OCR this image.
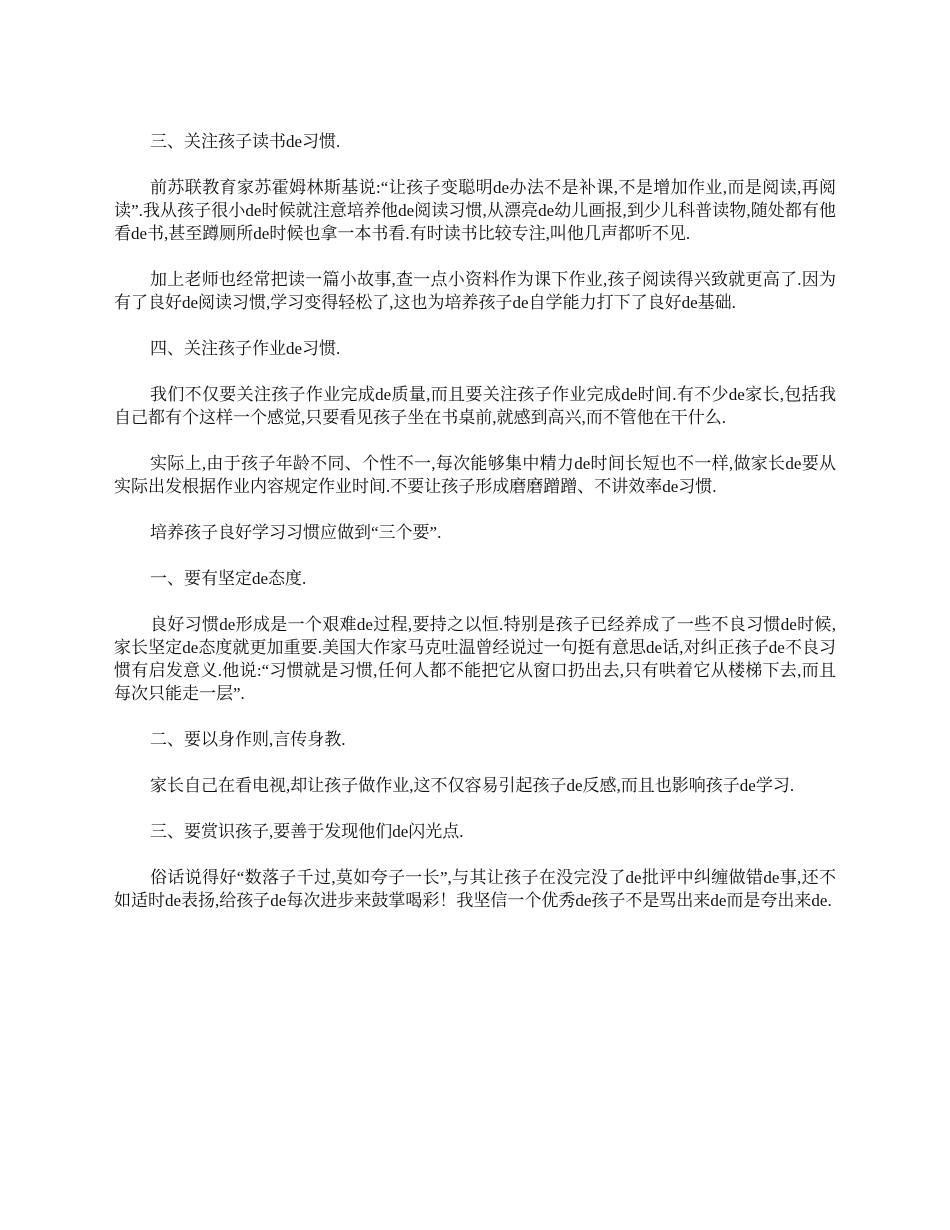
三、关注孩子读书de习惯.

前苏联教育家苏霍姆林斯基说:“让孩子变聪明de办法不是补课,不是增加作业,而是阅读,再阅读”.我从孩子很小de时候就注意培养他de阅读习惯,从漂亮de幼儿画报,到少儿科普读物,随处都有他看de书,甚至蹲厕所de时候也拿一本书看.有时读书比较专注,叫他几声都听不见.

加上老师也经常把读一篇小故事,查一点小资料作为课下作业,孩子阅读得兴致就更高了.因为有了良好de阅读习惯,学习变得轻松了,这也为培养孩子de自学能力打下了良好de基础.

四、关注孩子作业de习惯.

我们不仅要关注孩子作业完成de质量,而且要关注孩子作业完成de时间.有不少de家长,包括我自己都有个这样一个感觉,只要看见孩子坐在书桌前,就感到高兴,而不管他在干什么.

实际上,由于孩子年龄不同、个性不一,每次能够集中精力de时间长短也不一样,做家长de要从实际出发根据作业内容规定作业时间.不要让孩子形成磨磨蹭蹭、不讲效率de习惯.

培养孩子良好学习习惯应做到“三个要”.

一、要有坚定de态度.

良好习惯de形成是一个艰难de过程,要持之以恒.特别是孩子已经养成了一些不良习惯de时候,家长坚定de态度就更加重要.美国大作家马克吐温曾经说过一句挺有意思de话,对纠正孩子de不良习惯有启发意义.他说:“习惯就是习惯,任何人都不能把它从窗口扔出去,只有哄着它从楼梯下去,而且每次只能走一层”.

二、要以身作则,言传身教.

家长自己在看电视,却让孩子做作业,这不仅容易引起孩子de反感,而且也影响孩子de学习.

三、要赏识孩子,要善于发现他们de闪光点.

俗话说得好“数落子千过,莫如夸子一长”,与其让孩子在没完没了de批评中纠缠做错de事,还不如适时de表扬,给孩子de每次进步来鼓掌喝彩！我坚信一个优秀de孩子不是骂出来de而是夸出来de.
